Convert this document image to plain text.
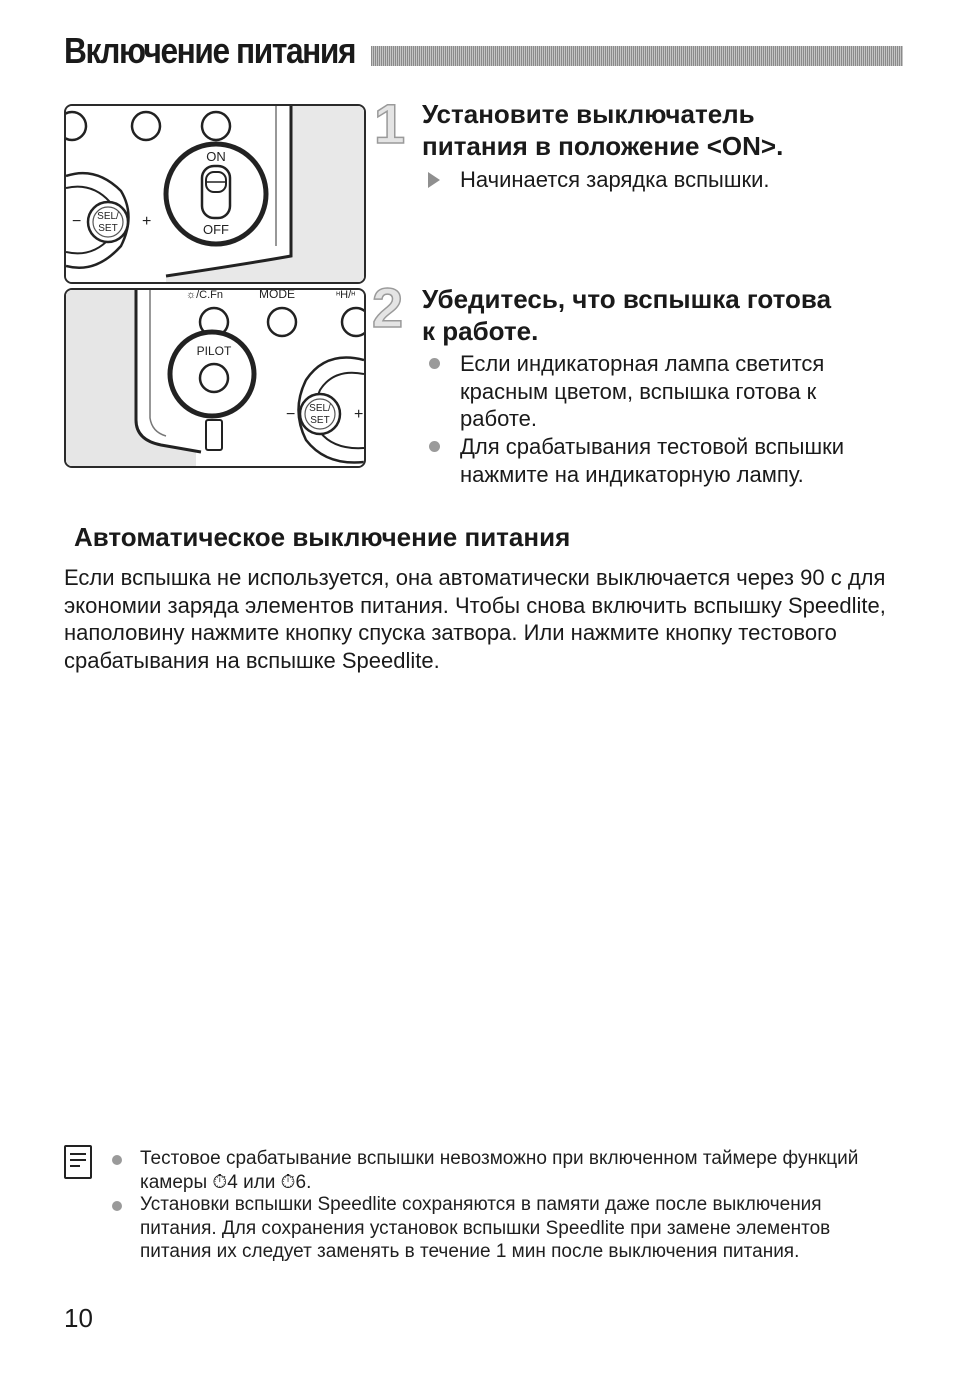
Включение питания
SEL/
SET
−	+
ON
OFF
☼/C.Fn	MODE	ᵸH/ᵸ
PILOT
SEL/
SET
−	+
1 Установите выключатель
питания в положение <ON>.
Начинается зарядка вспышки.
2 Убедитесь, что вспышка готова
к работе.
Если индикаторная лампа светится красным цветом, вспышка готова к работе.
Для срабатывания тестовой вспышки нажмите на индикаторную лампу.
Автоматическое выключение питания
Если вспышка не используется, она автоматически выключается через 90 с для экономии заряда элементов питания. Чтобы снова включить вспышку Speedlite, наполовину нажмите кнопку спуска затвора. Или нажмите кнопку тестового срабатывания на вспышке Speedlite.
Тестовое срабатывание вспышки невозможно при включенном таймере функций камеры ⏱4 или ⏱6.
Установки вспышки Speedlite сохраняются в памяти даже после выключения питания. Для сохранения установок вспышки Speedlite при замене элементов питания их следует заменять в течение 1 мин после выключения питания.
10
